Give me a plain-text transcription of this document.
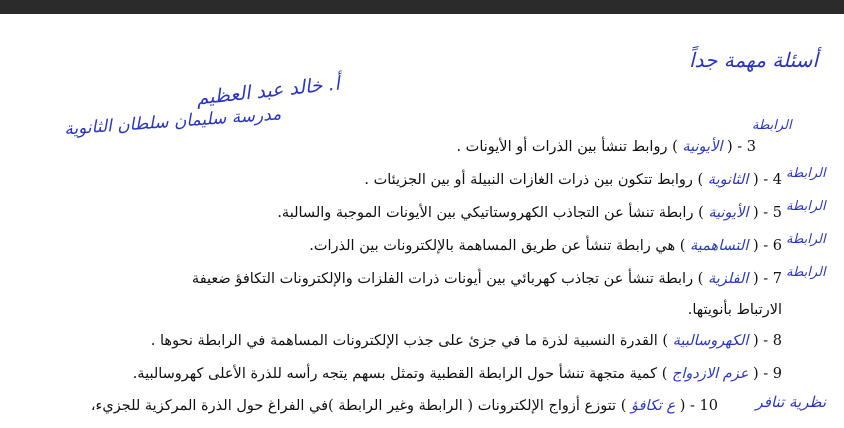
أسئلة مهمة جداً
أ. خالد عبد العظيم
مدرسة سليمان سلطان الثانوية	الرابطة
الرابطة
الرابطة
الرابطة
الرابطة
3 - ( الأيونية ) روابط تنشأ بين الذرات أو الأيونات .
4 - ( الثانوية ) روابط تتكون بين ذرات الغازات النبيلة أو بين الجزيئات .
5 - ( الأيونية ) رابطة تنشأ عن التجاذب الكهروستاتيكي بين الأيونات الموجبة والسالبة.
6 - ( التساهمية ) هي رابطة تنشأ عن طريق المساهمة بالإلكترونات بين الذرات.
7 - ( الفلزية ) رابطة تنشأ عن تجاذب كهربائي بين أيونات ذرات الفلزات والإلكترونات التكافؤ ضعيفة
الارتباط بأنويتها.
8 - ( الكهروسالبية ) القدرة النسبية لذرة ما في جزئ على جذب الإلكترونات المساهمة في الرابطة نحوها .
9 - ( عزم الازدواج ) كمية متجهة تنشأ حول الرابطة القطبية وتمثل بسهم يتجه رأسه للذرة الأعلى كهروسالبية.
10 - ( ع تكافؤ ) تتوزع أزواج الإلكترونات ( الرابطة وغير الرابطة )في الفراغ حول الذرة المركزية للجزيء،	نظرية تنافر
